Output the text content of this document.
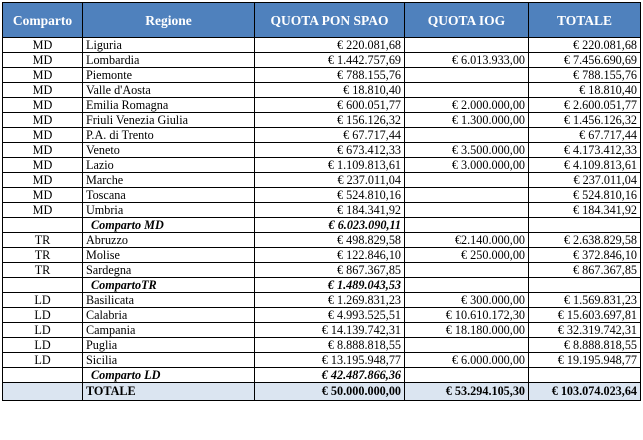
Comparto	Regione	QUOTA PON SPAO	QUOTA IOG	TOTALE
MD	Liguria	€ 220.081,68		€ 220.081,68
MD	Lombardia	€ 1.442.757,69	€ 6.013.933,00	€ 7.456.690,69
MD	Piemonte	€ 788.155,76		€ 788.155,76
MD	Valle d'Aosta	€ 18.810,40		€ 18.810,40
MD	Emilia Romagna	€ 600.051,77	€ 2.000.000,00	€ 2.600.051,77
MD	Friuli Venezia Giulia	€ 156.126,32	€ 1.300.000,00	€ 1.456.126,32
MD	P.A. di Trento	€ 67.717,44		€ 67.717,44
MD	Veneto	€ 673.412,33	€ 3.500.000,00	€ 4.173.412,33
MD	Lazio	€ 1.109.813,61	€ 3.000.000,00	€ 4.109.813,61
MD	Marche	€ 237.011,04		€ 237.011,04
MD	Toscana	€ 524.810,16		€ 524.810,16
MD	Umbria	€ 184.341,92		€ 184.341,92
	Comparto MD	€ 6.023.090,11		
TR	Abruzzo	€ 498.829,58	€2.140.000,00	€ 2.638.829,58
TR	Molise	€ 122.846,10	€ 250.000,00	€ 372.846,10
TR	Sardegna	€ 867.367,85		€ 867.367,85
	CompartoTR	€ 1.489.043,53		
LD	Basilicata	€ 1.269.831,23	€ 300.000,00	€ 1.569.831,23
LD	Calabria	€ 4.993.525,51	€ 10.610.172,30	€ 15.603.697,81
LD	Campania	€ 14.139.742,31	€ 18.180.000,00	€ 32.319.742,31
LD	Puglia	€ 8.888.818,55		€ 8.888.818,55
LD	Sicilia	€ 13.195.948,77	€ 6.000.000,00	€ 19.195.948,77
	Comparto LD	€ 42.487.866,36		
	TOTALE	€ 50.000.000,00	€ 53.294.105,30	€ 103.074.023,64
